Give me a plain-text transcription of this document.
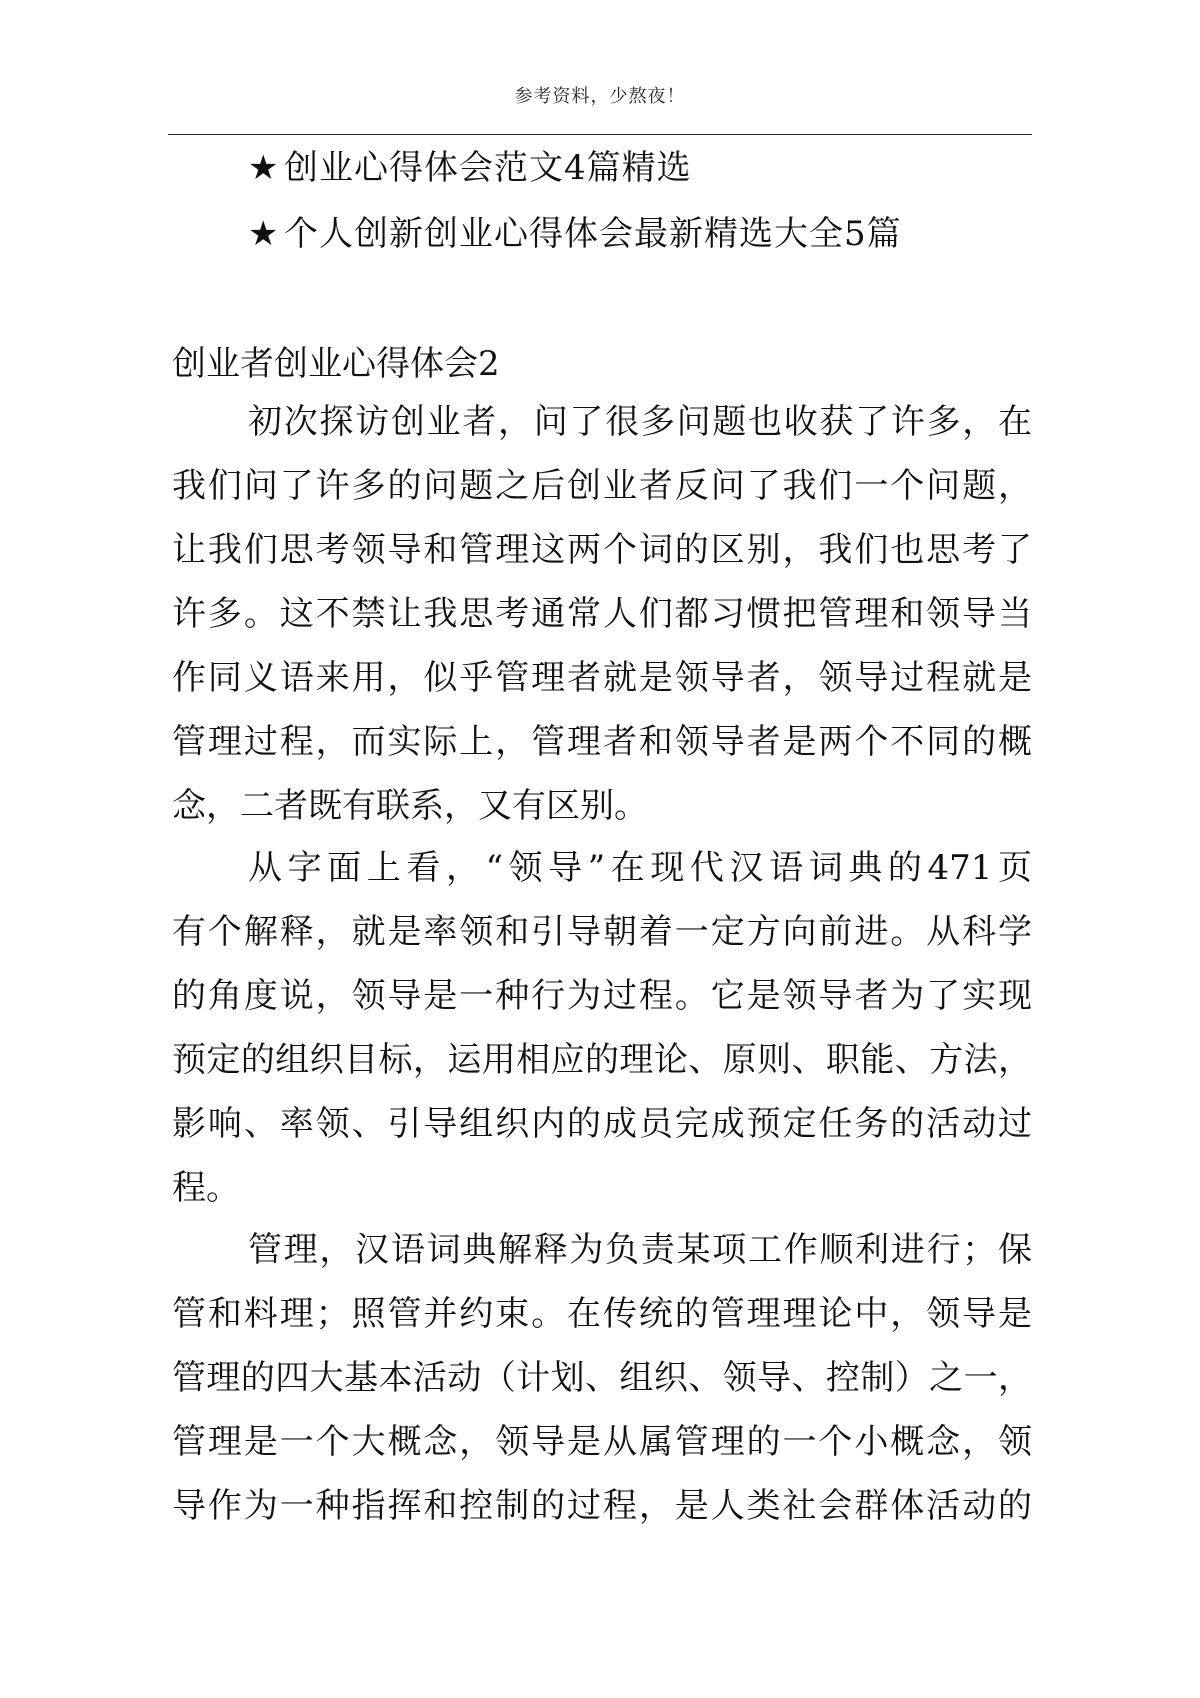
参考资料，少熬夜！
★ 创业心得体会范文4篇精选
★ 个人创新创业心得体会最新精选大全5篇
创业者创业心得体会2
初次探访创业者，问了很多问题也收获了许多，在
我们问了许多的问题之后创业者反问了我们一个问题，
让我们思考领导和管理这两个词的区别，我们也思考了
许多。这不禁让我思考通常人们都习惯把管理和领导当
作同义语来用，似乎管理者就是领导者，领导过程就是
管理过程，而实际上，管理者和领导者是两个不同的概
念，二者既有联系，又有区别。
从字面上看，“领导”在现代汉语词典的471页
有个解释，就是率领和引导朝着一定方向前进。从科学
的角度说，领导是一种行为过程。它是领导者为了实现
预定的组织目标，运用相应的理论、原则、职能、方法，
影响、率领、引导组织内的成员完成预定任务的活动过
程。
管理，汉语词典解释为负责某项工作顺利进行；保
管和料理；照管并约束。在传统的管理理论中，领导是
管理的四大基本活动（计划、组织、领导、控制）之一，
管理是一个大概念，领导是从属管理的一个小概念，领
导作为一种指挥和控制的过程，是人类社会群体活动的
